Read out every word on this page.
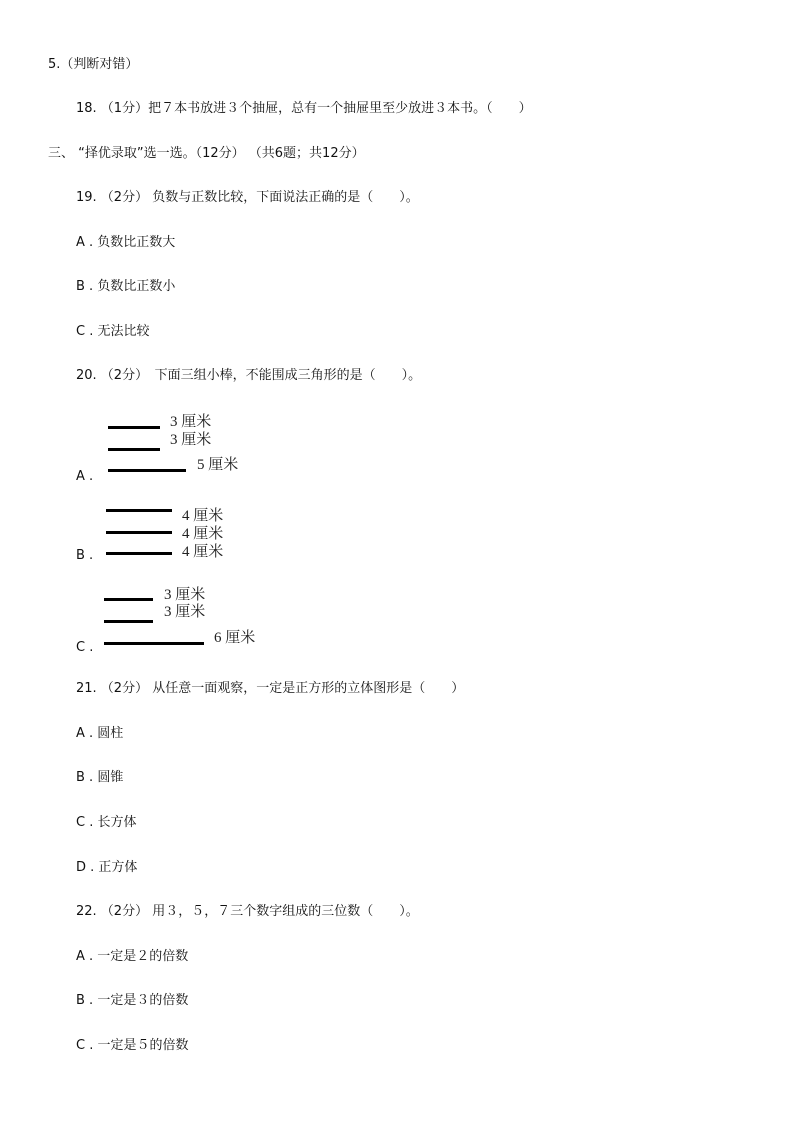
5.（判断对错）
18. （1分）把７本书放进３个抽屉，总有一个抽屉里至少放进３本书。（　　）
三、 “择优录取”选一选。（12分） （共6题；共12分）
19. （2分） 负数与正数比较，下面说法正确的是（　　）。
A . 负数比正数大
B . 负数比正数小
C . 无法比较
20. （2分）　下面三组小棒，不能围成三角形的是（　　）。
A .
3 厘米
3 厘米
5 厘米
B .
4 厘米
4 厘米
4 厘米
C .
3 厘米
3 厘米
6 厘米
21. （2分） 从任意一面观察，一定是正方形的立体图形是（　　）
A . 圆柱
B . 圆锥
C . 长方体
D . 正方体
22. （2分） 用３，５，７三个数字组成的三位数（　　）。
A . 一定是２的倍数
B . 一定是３的倍数
C . 一定是５的倍数
